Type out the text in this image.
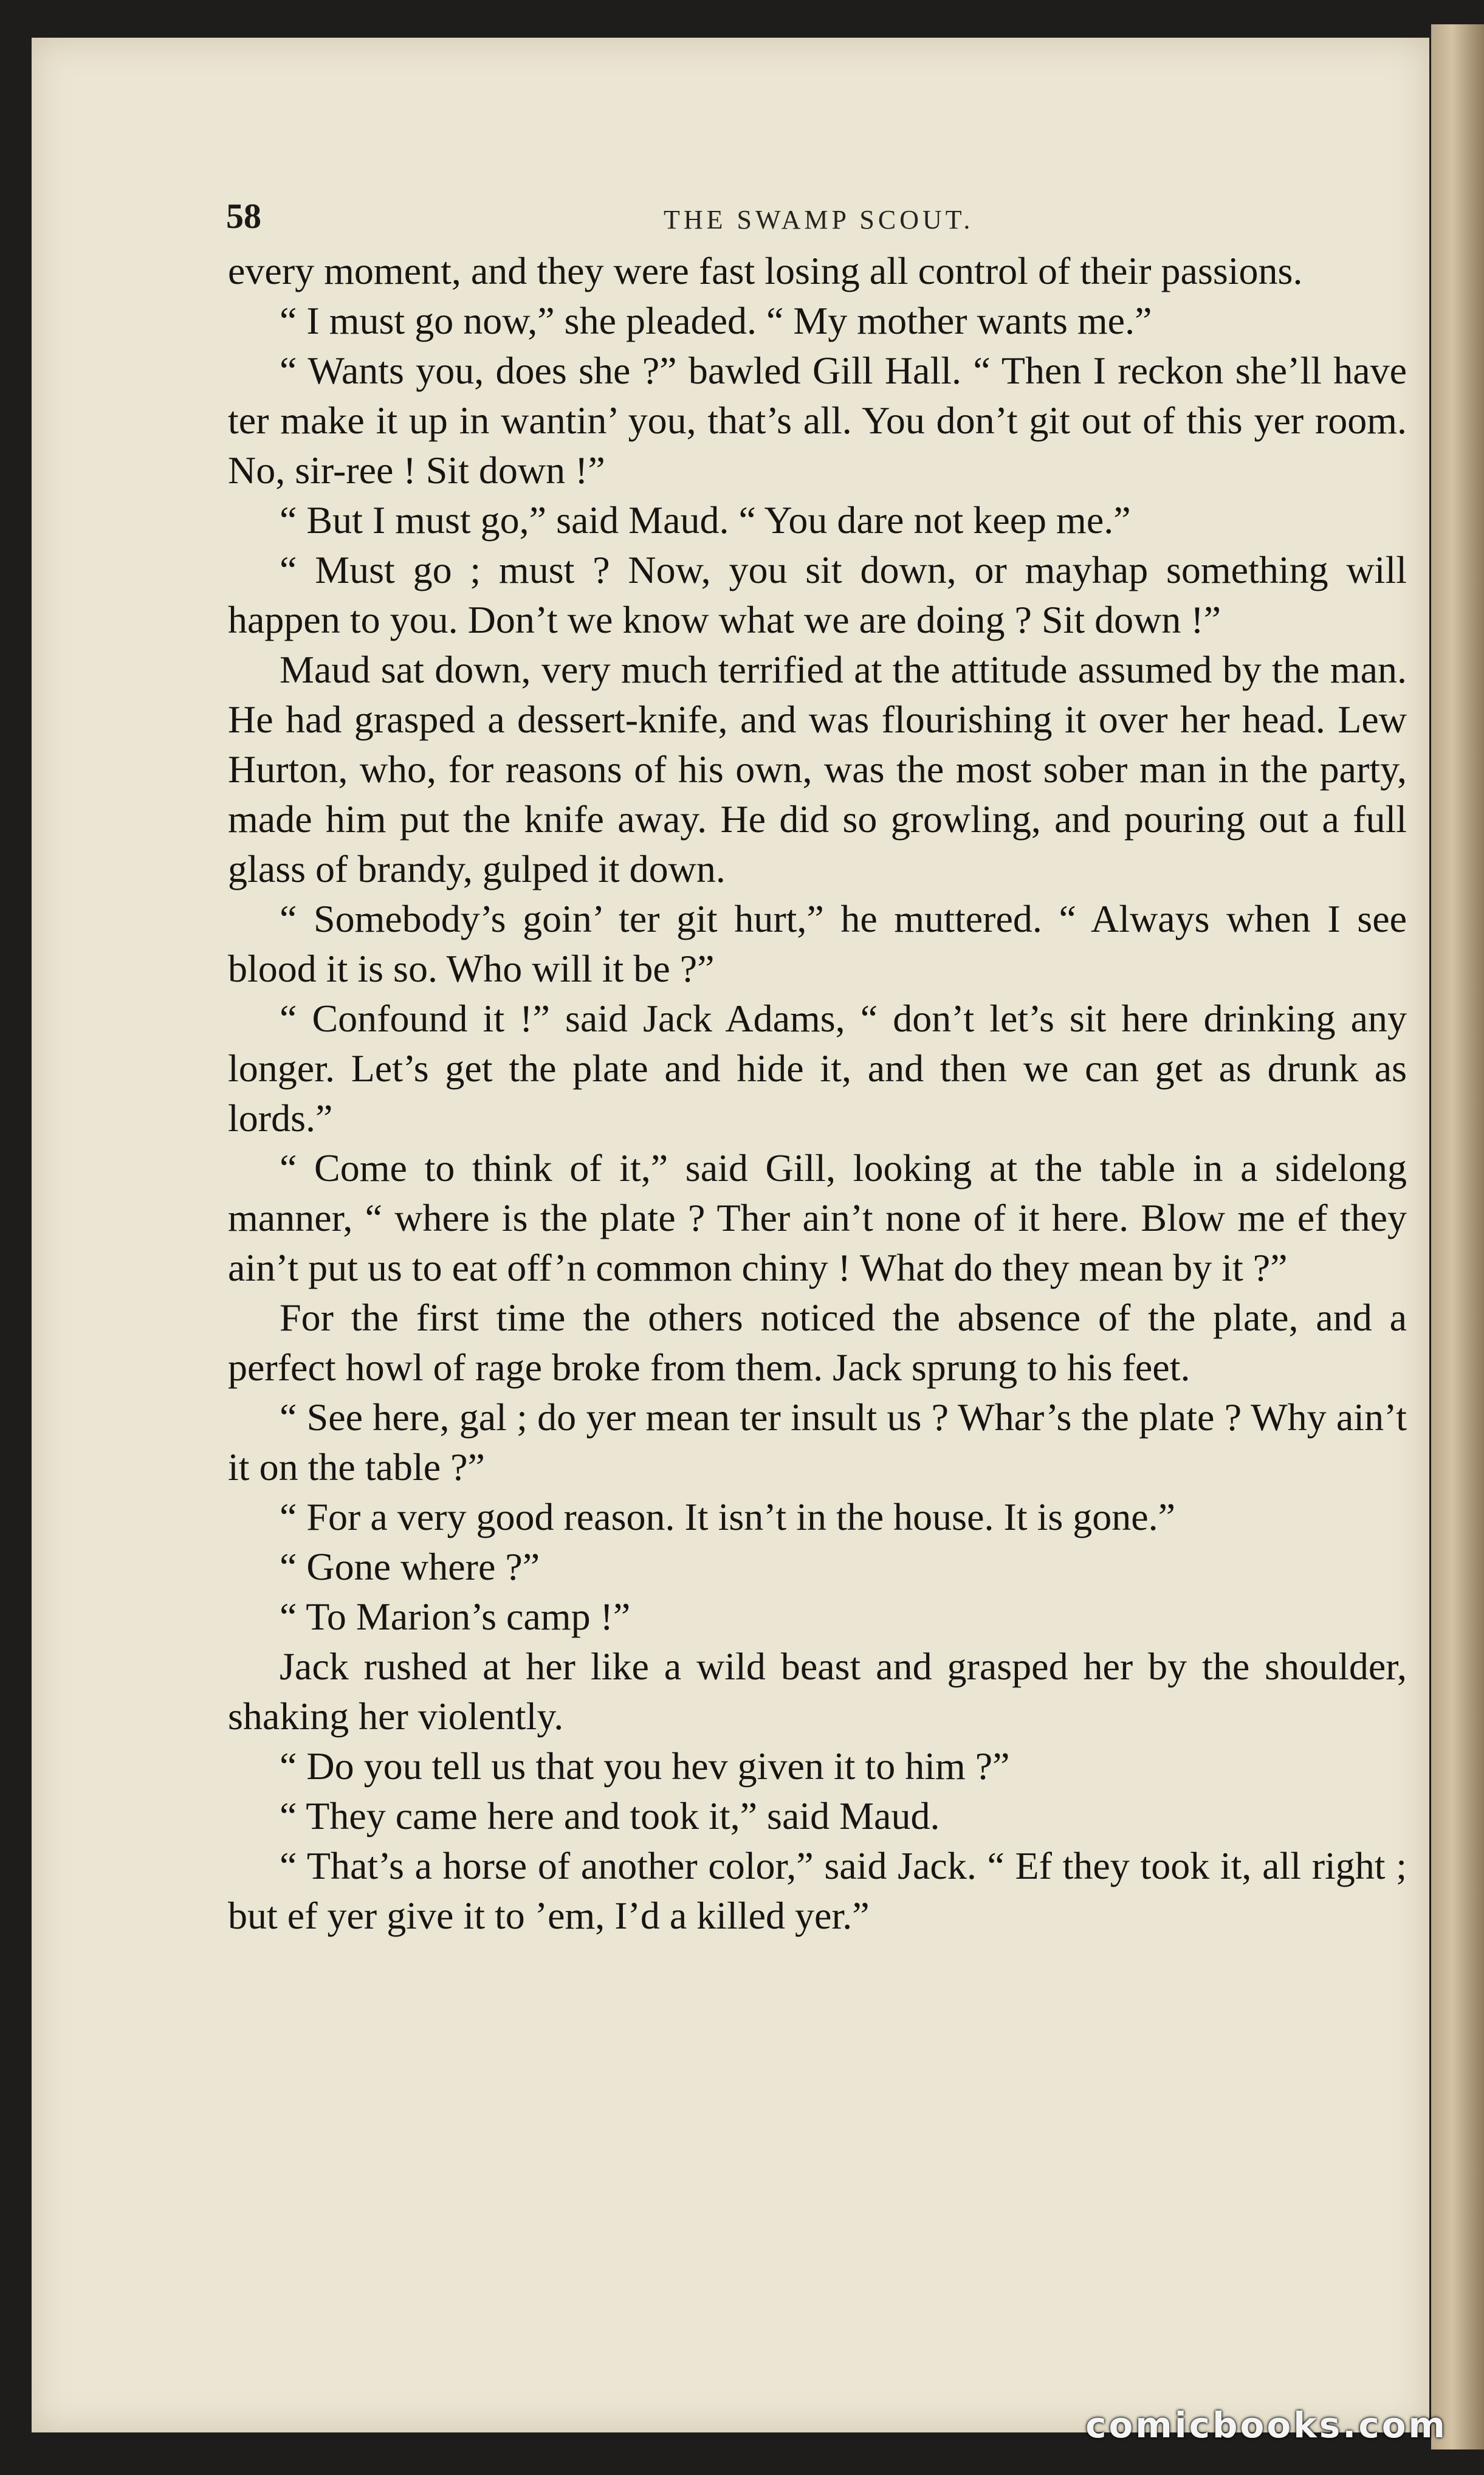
58	THE SWAMP SCOUT.

every moment, and they were fast losing all control of their passions.

“ I must go now,” she pleaded. “ My mother wants me.”

“ Wants you, does she ?” bawled Gill Hall. “ Then I reckon she’ll have ter make it up in wantin’ you, that’s all. You don’t git out of this yer room. No, sir-ree ! Sit down !”

“ But I must go,” said Maud. “ You dare not keep me.”

“ Must go ; must ? Now, you sit down, or mayhap something will happen to you. Don’t we know what we are doing ? Sit down !”

Maud sat down, very much terrified at the attitude assumed by the man. He had grasped a dessert-knife, and was flourishing it over her head. Lew Hurton, who, for reasons of his own, was the most sober man in the party, made him put the knife away. He did so growling, and pouring out a full glass of brandy, gulped it down.

“ Somebody’s goin’ ter git hurt,” he muttered. “ Always when I see blood it is so. Who will it be ?”

“ Confound it !” said Jack Adams, “ don’t let’s sit here drinking any longer. Let’s get the plate and hide it, and then we can get as drunk as lords.”

“ Come to think of it,” said Gill, looking at the table in a sidelong manner, “ where is the plate ? Ther ain’t none of it here. Blow me ef they ain’t put us to eat off’n common chiny ! What do they mean by it ?”

For the first time the others noticed the absence of the plate, and a perfect howl of rage broke from them. Jack sprung to his feet.

“ See here, gal ; do yer mean ter insult us ? Whar’s the plate ? Why ain’t it on the table ?”

“ For a very good reason. It isn’t in the house. It is gone.”

“ Gone where ?”

“ To Marion’s camp !”

Jack rushed at her like a wild beast and grasped her by the shoulder, shaking her violently.

“ Do you tell us that you hev given it to him ?”

“ They came here and took it,” said Maud.

“ That’s a horse of another color,” said Jack. “ Ef they took it, all right ; but ef yer give it to ’em, I’d a killed yer.”

comicbooks.com
